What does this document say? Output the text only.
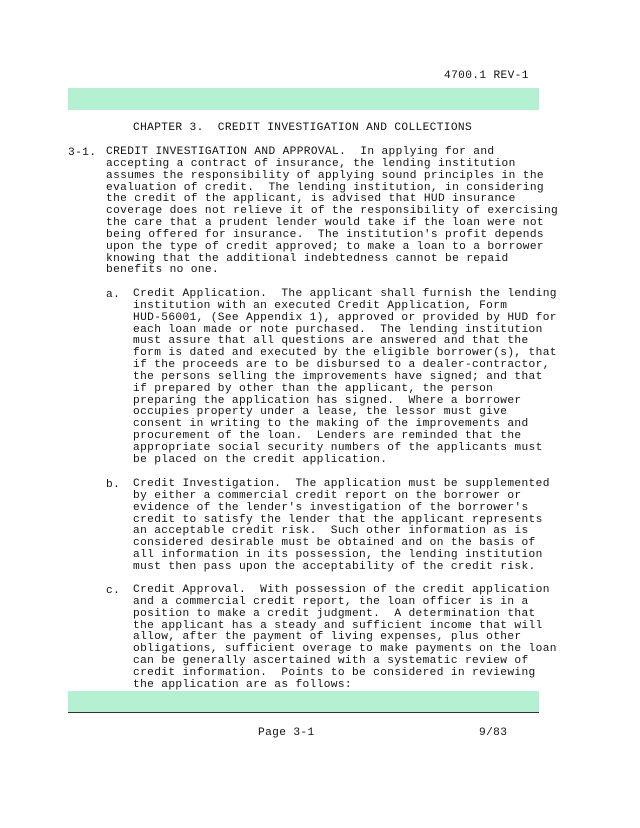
4700.1 REV-1
CHAPTER 3.  CREDIT INVESTIGATION AND COLLECTIONS
3-1. CREDIT INVESTIGATION AND APPROVAL.  In applying for and
accepting a contract of insurance, the lending institution
assumes the responsibility of applying sound principles in the
evaluation of credit.  The lending institution, in considering
the credit of the applicant, is advised that HUD insurance
coverage does not relieve it of the responsibility of exercising
the care that a prudent lender would take if the loan were not
being offered for insurance.  The institution's profit depends
upon the type of credit approved; to make a loan to a borrower
knowing that the additional indebtedness cannot be repaid
benefits no one.
a. Credit Application.  The applicant shall furnish the lending
institution with an executed Credit Application, Form
HUD-56001, (See Appendix 1), approved or provided by HUD for
each loan made or note purchased.  The lending institution
must assure that all questions are answered and that the
form is dated and executed by the eligible borrower(s), that
if the proceeds are to be disbursed to a dealer-contractor,
the persons selling the improvements have signed; and that
if prepared by other than the applicant, the person
preparing the application has signed.  Where a borrower
occupies property under a lease, the lessor must give
consent in writing to the making of the improvements and
procurement of the loan.  Lenders are reminded that the
appropriate social security numbers of the applicants must
be placed on the credit application.
b. Credit Investigation.  The application must be supplemented
by either a commercial credit report on the borrower or
evidence of the lender's investigation of the borrower's
credit to satisfy the lender that the applicant represents
an acceptable credit risk.  Such other information as is
considered desirable must be obtained and on the basis of
all information in its possession, the lending institution
must then pass upon the acceptability of the credit risk.
c. Credit Approval.  With possession of the credit application
and a commercial credit report, the loan officer is in a
position to make a credit judgment.  A determination that
the applicant has a steady and sufficient income that will
allow, after the payment of living expenses, plus other
obligations, sufficient overage to make payments on the loan
can be generally ascertained with a systematic review of
credit information.  Points to be considered in reviewing
the application are as follows:
Page 3-1	9/83
